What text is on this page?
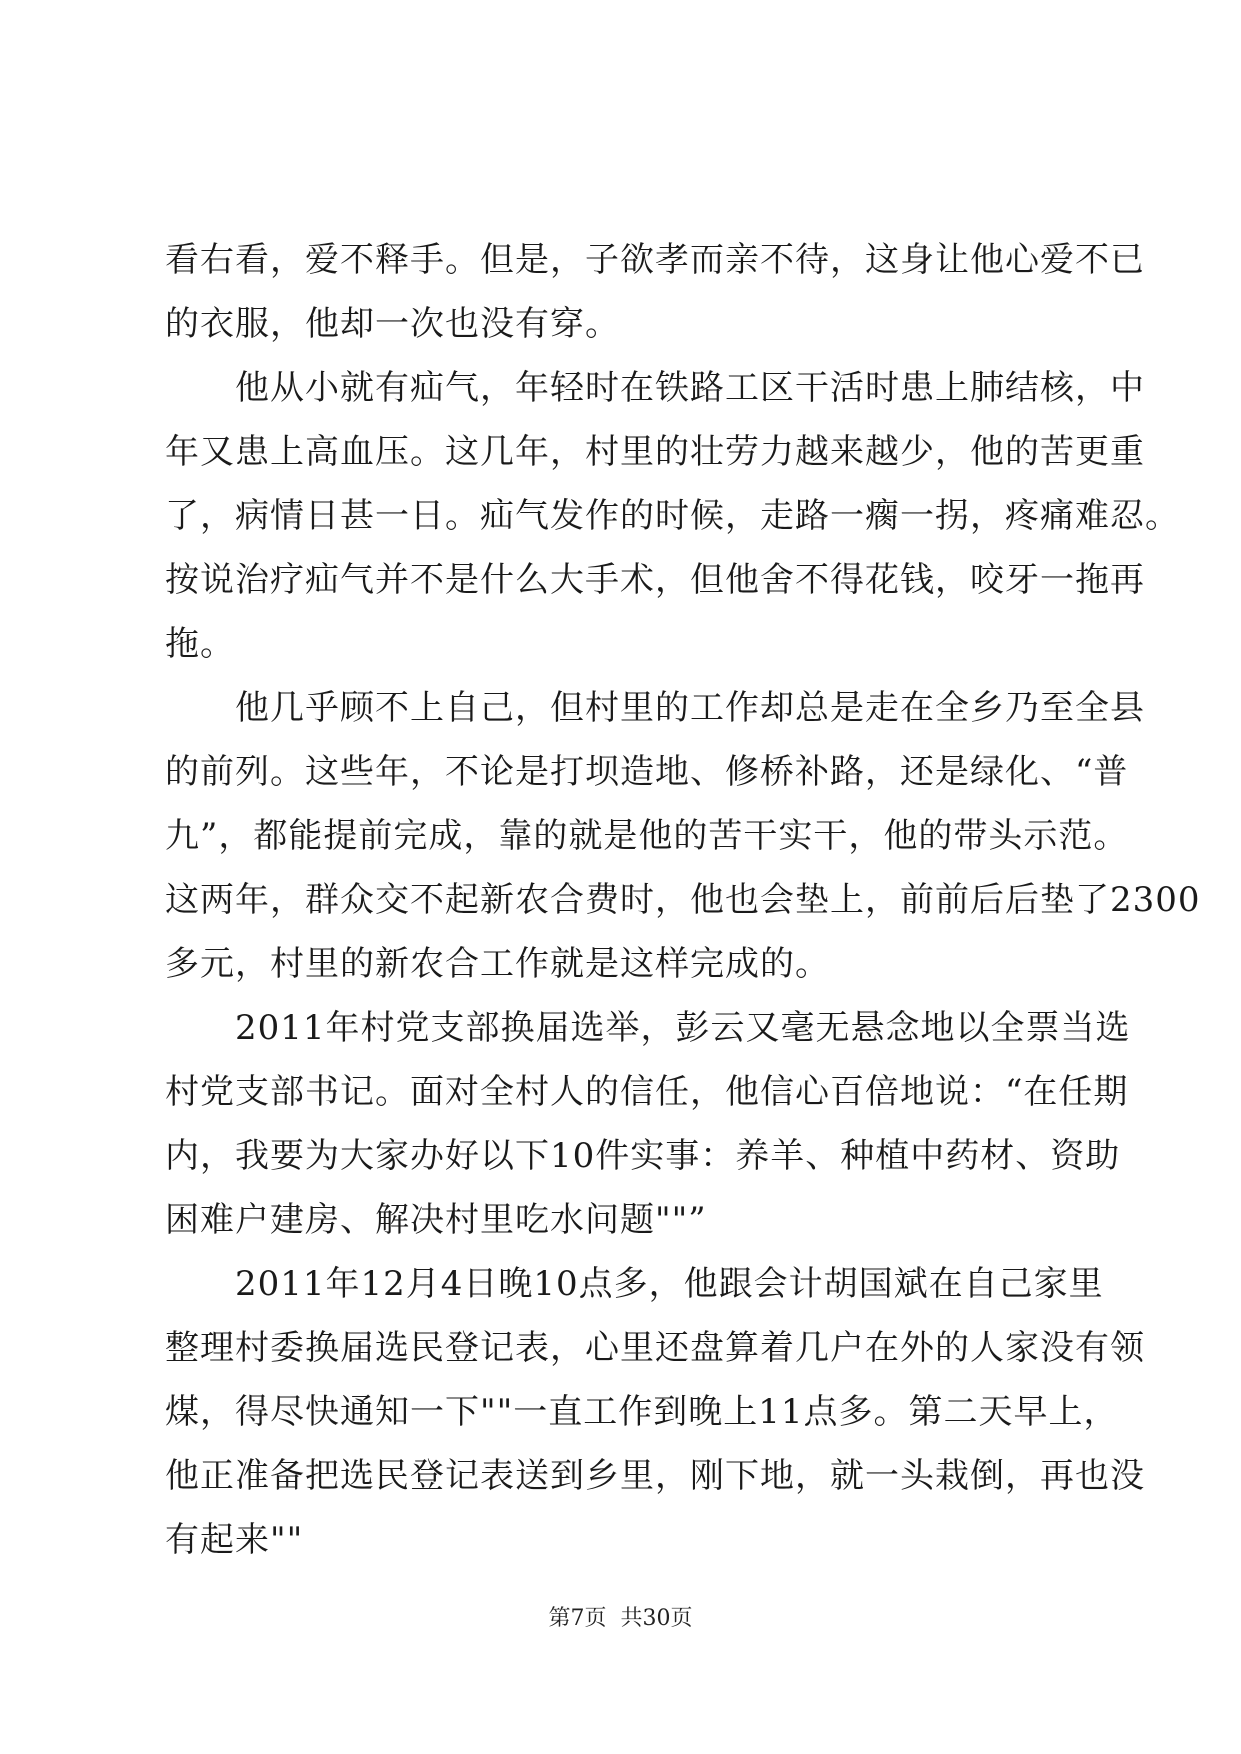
看右看，爱不释手。但是，子欲孝而亲不待，这身让他心爱不已
的衣服，他却一次也没有穿。
他从小就有疝气，年轻时在铁路工区干活时患上肺结核，中
年又患上高血压。这几年，村里的壮劳力越来越少，他的苦更重
了，病情日甚一日。疝气发作的时候，走路一瘸一拐，疼痛难忍。
按说治疗疝气并不是什么大手术，但他舍不得花钱，咬牙一拖再
拖。
他几乎顾不上自己，但村里的工作却总是走在全乡乃至全县
的前列。这些年，不论是打坝造地、修桥补路，还是绿化、“普
九”，都能提前完成，靠的就是他的苦干实干，他的带头示范。
这两年，群众交不起新农合费时，他也会垫上，前前后后垫了2300
多元，村里的新农合工作就是这样完成的。
2011年村党支部换届选举，彭云又毫无悬念地以全票当选
村党支部书记。面对全村人的信任，他信心百倍地说：“在任期
内，我要为大家办好以下10件实事：养羊、种植中药材、资助
困难户建房、解决村里吃水问题""”
2011年12月4日晚10点多，他跟会计胡国斌在自己家里
整理村委换届选民登记表，心里还盘算着几户在外的人家没有领
煤，得尽快通知一下""一直工作到晚上11点多。第二天早上，
他正准备把选民登记表送到乡里，刚下地，就一头栽倒，再也没
有起来""
第7页 共30页
